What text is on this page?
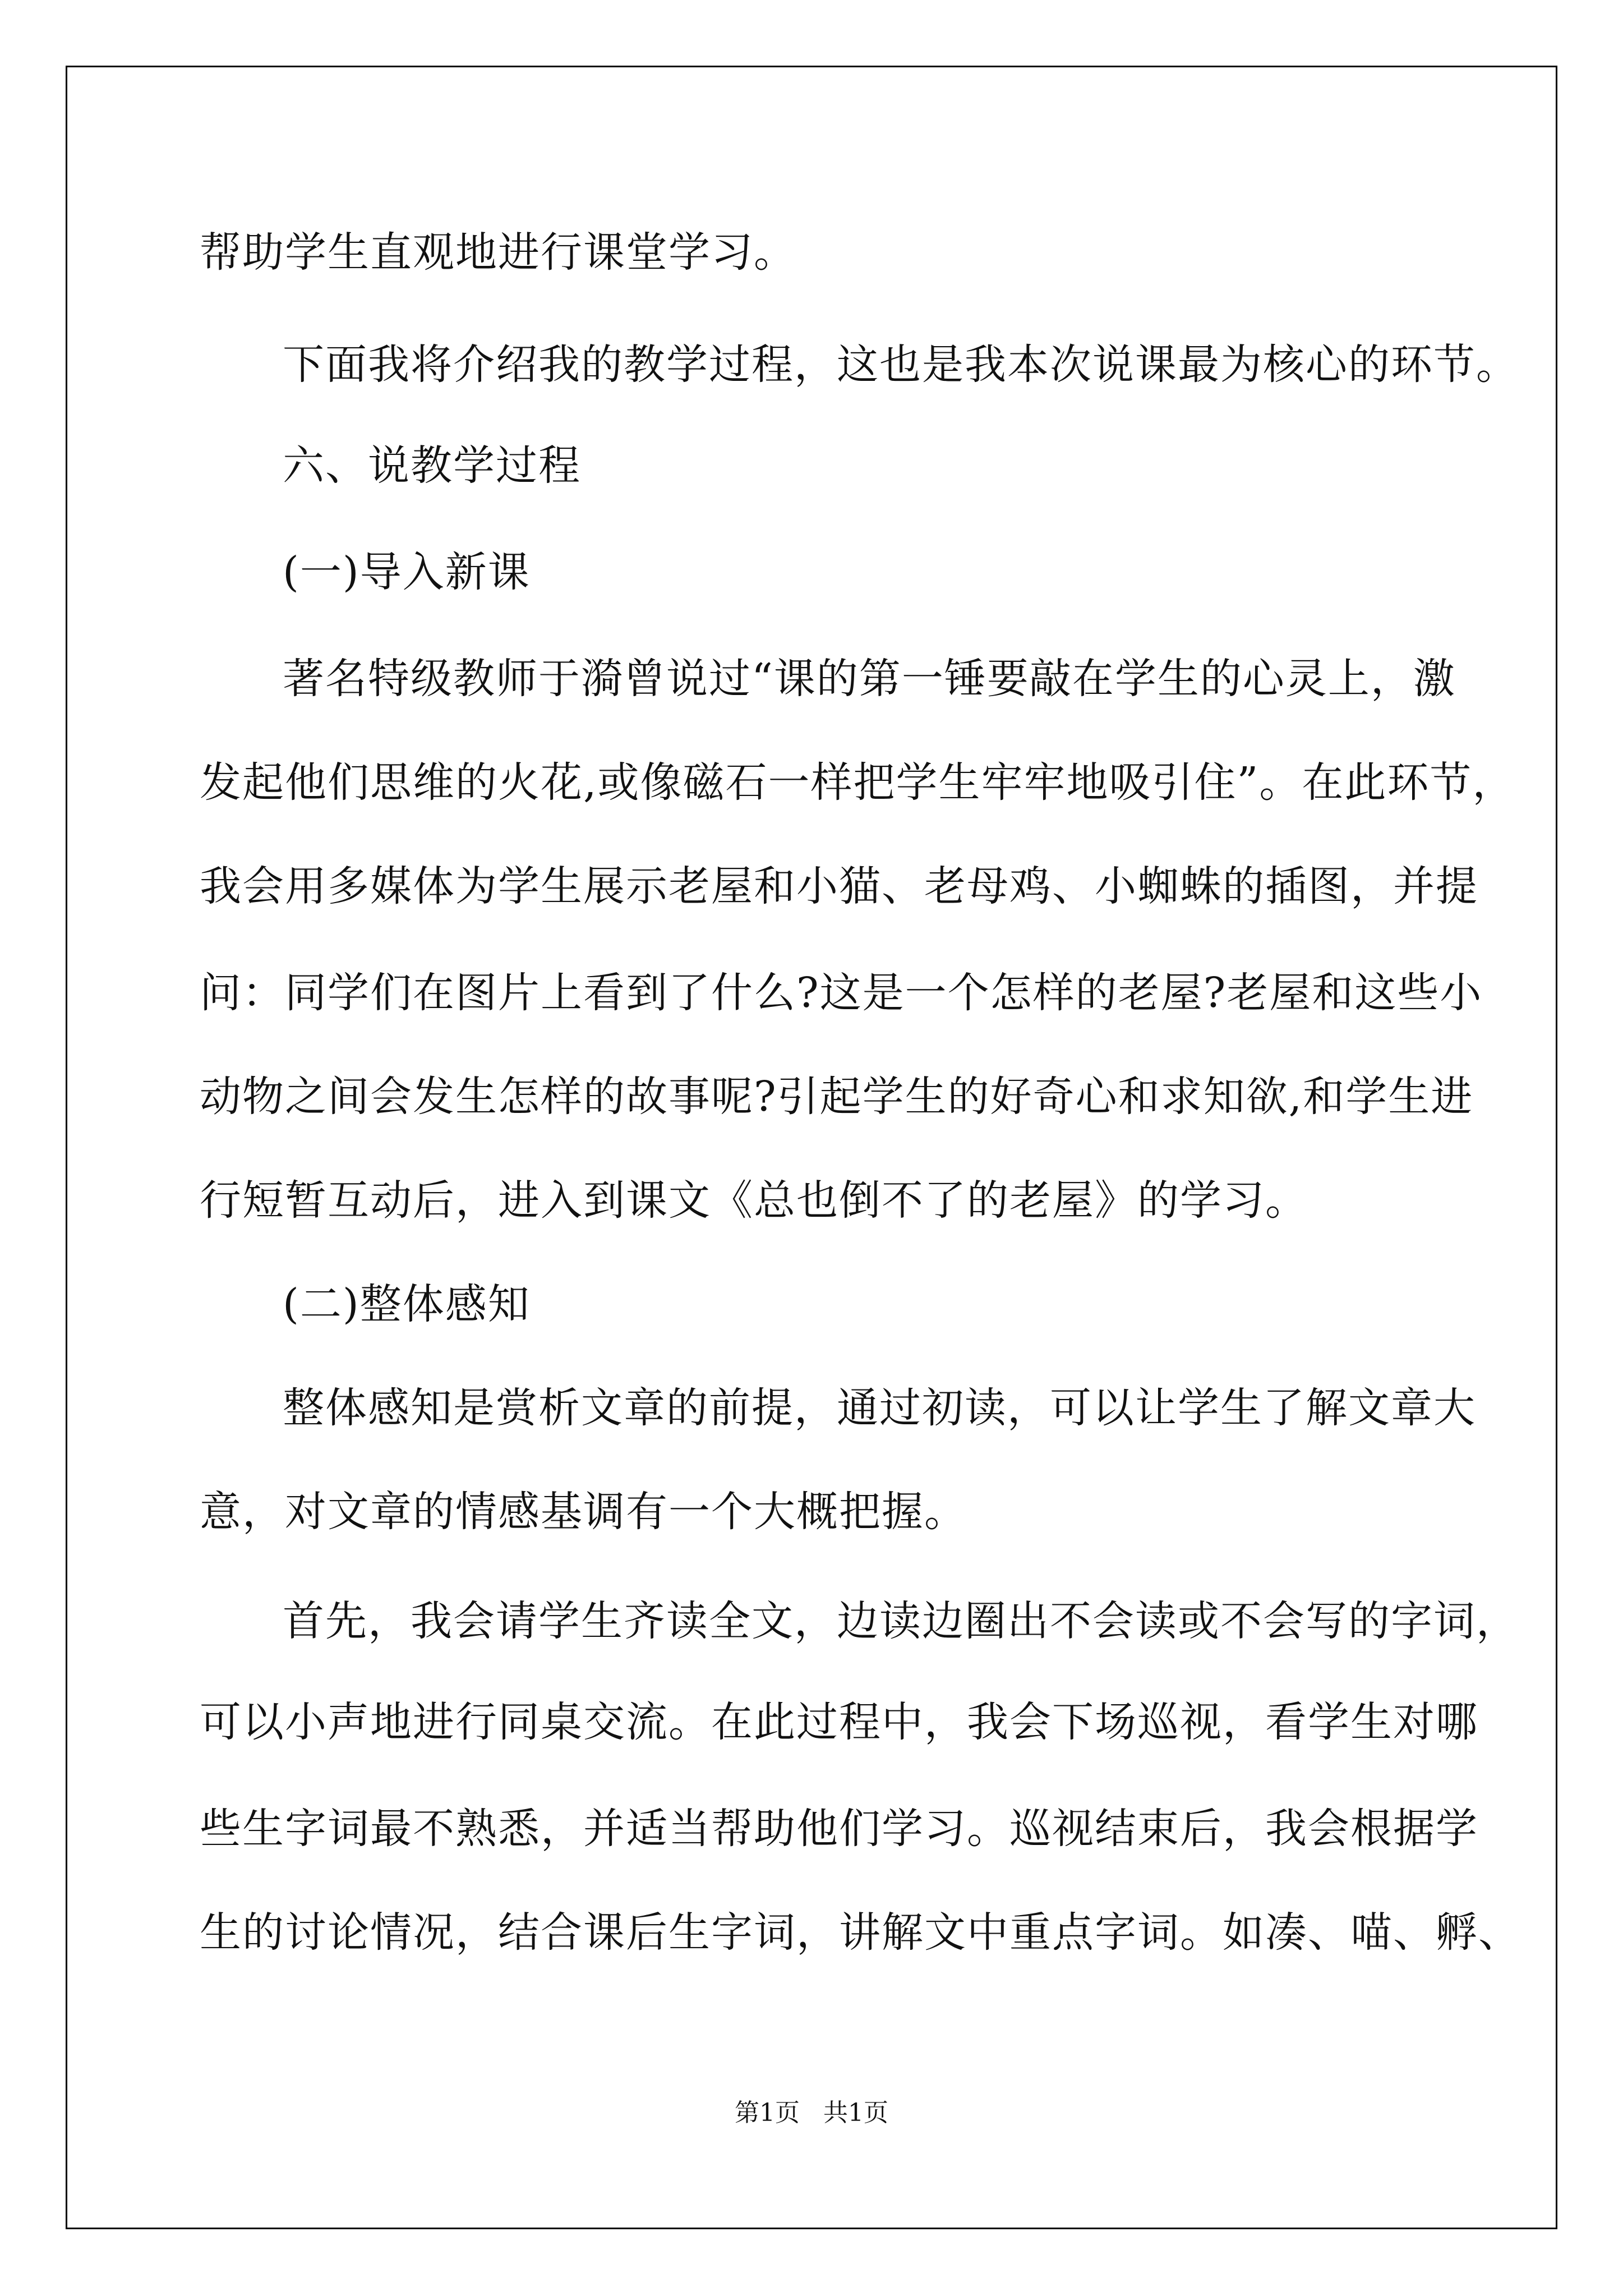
帮助学生直观地进行课堂学习。
下面我将介绍我的教学过程，这也是我本次说课最为核心的环节。
六、说教学过程
(一)导入新课
著名特级教师于漪曾说过“课的第一锤要敲在学生的心灵上，激
发起他们思维的火花,或像磁石一样把学生牢牢地吸引住”。在此环节，
我会用多媒体为学生展示老屋和小猫、老母鸡、小蜘蛛的插图，并提
问：同学们在图片上看到了什么?这是一个怎样的老屋?老屋和这些小
动物之间会发生怎样的故事呢?引起学生的好奇心和求知欲,和学生进
行短暂互动后，进入到课文《总也倒不了的老屋》的学习。
(二)整体感知
整体感知是赏析文章的前提，通过初读，可以让学生了解文章大
意，对文章的情感基调有一个大概把握。
首先，我会请学生齐读全文，边读边圈出不会读或不会写的字词，
可以小声地进行同桌交流。在此过程中，我会下场巡视，看学生对哪
些生字词最不熟悉，并适当帮助他们学习。巡视结束后，我会根据学
生的讨论情况，结合课后生字词，讲解文中重点字词。如凑、喵、孵、
第1页   共1页
